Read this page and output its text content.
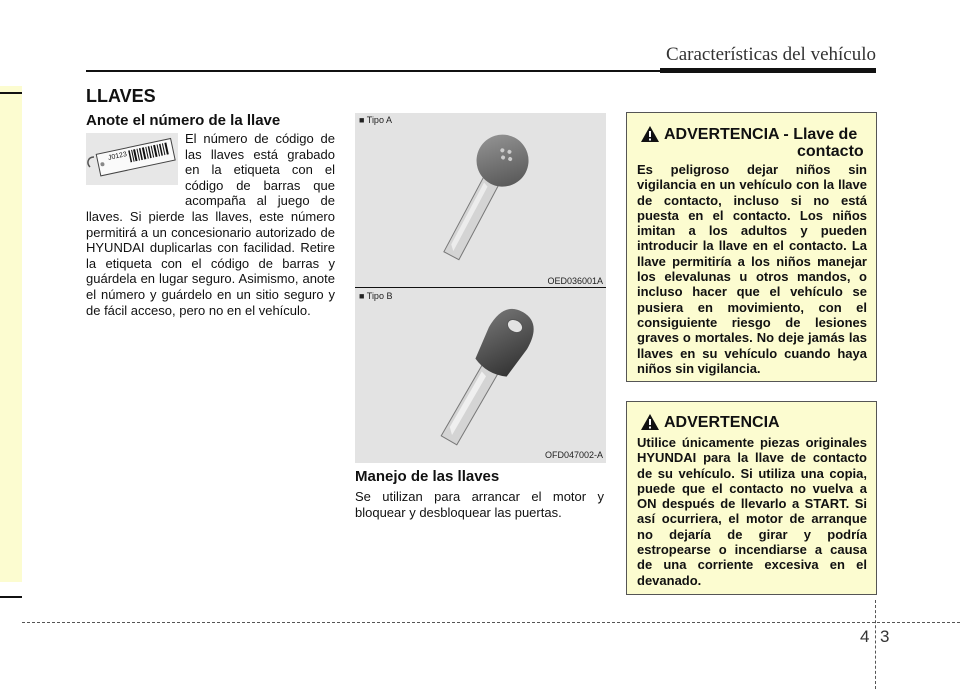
Características del vehículo
LLAVES
Anote el número de la llave
J0123
El número de código de
las llaves está grabado
en la etiqueta con el
código de barras que
acompaña al juego de
llaves. Si pierde las llaves, este número permitirá a un concesionario autorizado de HYUNDAI duplicarlas con facilidad. Retire la etiqueta con el código de barras y guárdela en lugar seguro. Asimismo, anote el número y guárdelo en un sitio seguro y de fácil acceso, pero no en el vehículo.
■ Tipo A
OED036001A
■ Tipo B
OFD047002-A
Manejo de las llaves
Se utilizan para arrancar el motor y bloquear y desbloquear las puertas.
ADVERTENCIA - Llave de
contacto
Es peligroso dejar niños sin vigilancia en un vehículo con la llave de contacto, incluso si no está puesta en el contacto. Los niños imitan a los adultos y pueden introducir la llave en el contacto. La llave permitiría a los niños manejar los elevalunas u otros mandos, o incluso hacer que el vehículo se pusiera en movimiento, con el consiguiente riesgo de lesiones graves o mortales. No deje jamás las llaves en su vehículo cuando haya niños sin vigilancia.
ADVERTENCIA
Utilice únicamente piezas originales HYUNDAI para la llave de contacto de su vehículo. Si utiliza una copia, puede que el contacto no vuelva a ON después de llevarlo a START. Si así ocurriera, el motor de arranque no dejaría de girar y podría estropearse o incendiarse a causa de una corriente excesiva en el devanado.
4 3
